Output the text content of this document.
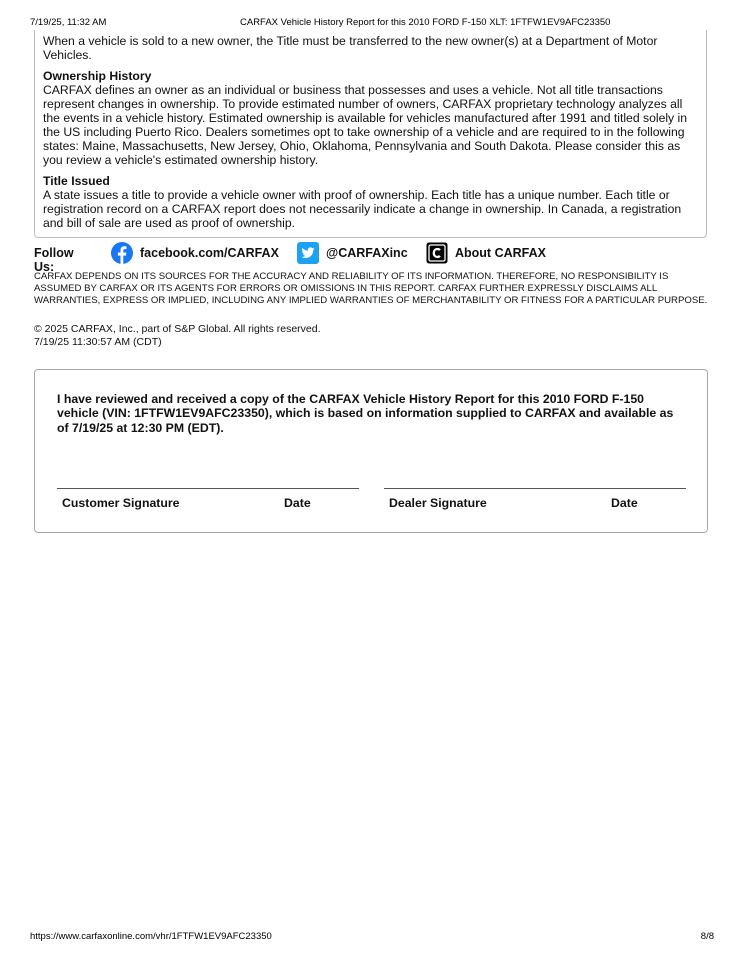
7/19/25, 11:32 AM	CARFAX Vehicle History Report for this 2010 FORD F-150 XLT: 1FTFW1EV9AFC23350

When a vehicle is sold to a new owner, the Title must be transferred to the new owner(s) at a Department of Motor Vehicles.

Ownership History

CARFAX defines an owner as an individual or business that possesses and uses a vehicle. Not all title transactions represent changes in ownership. To provide estimated number of owners, CARFAX proprietary technology analyzes all the events in a vehicle history. Estimated ownership is available for vehicles manufactured after 1991 and titled solely in the US including Puerto Rico. Dealers sometimes opt to take ownership of a vehicle and are required to in the following states: Maine, Massachusetts, New Jersey, Ohio, Oklahoma, Pennsylvania and South Dakota. Please consider this as you review a vehicle's estimated ownership history.

Title Issued

A state issues a title to provide a vehicle owner with proof of ownership. Each title has a unique number. Each title or registration record on a CARFAX report does not necessarily indicate a change in ownership. In Canada, a registration and bill of sale are used as proof of ownership.

Follow Us:
facebook.com/CARFAX	@CARFAXinc	About CARFAX

CARFAX DEPENDS ON ITS SOURCES FOR THE ACCURACY AND RELIABILITY OF ITS INFORMATION. THEREFORE, NO RESPONSIBILITY IS ASSUMED BY CARFAX OR ITS AGENTS FOR ERRORS OR OMISSIONS IN THIS REPORT. CARFAX FURTHER EXPRESSLY DISCLAIMS ALL WARRANTIES, EXPRESS OR IMPLIED, INCLUDING ANY IMPLIED WARRANTIES OF MERCHANTABILITY OR FITNESS FOR A PARTICULAR PURPOSE.

© 2025 CARFAX, Inc., part of S&P Global. All rights reserved.
7/19/25 11:30:57 AM (CDT)

I have reviewed and received a copy of the CARFAX Vehicle History Report for this 2010 FORD F-150 vehicle (VIN: 1FTFW1EV9AFC23350), which is based on information supplied to CARFAX and available as of 7/19/25 at 12:30 PM (EDT).

Customer Signature	Date	Dealer Signature	Date
https://www.carfaxonline.com/vhr/1FTFW1EV9AFC23350	8/8
